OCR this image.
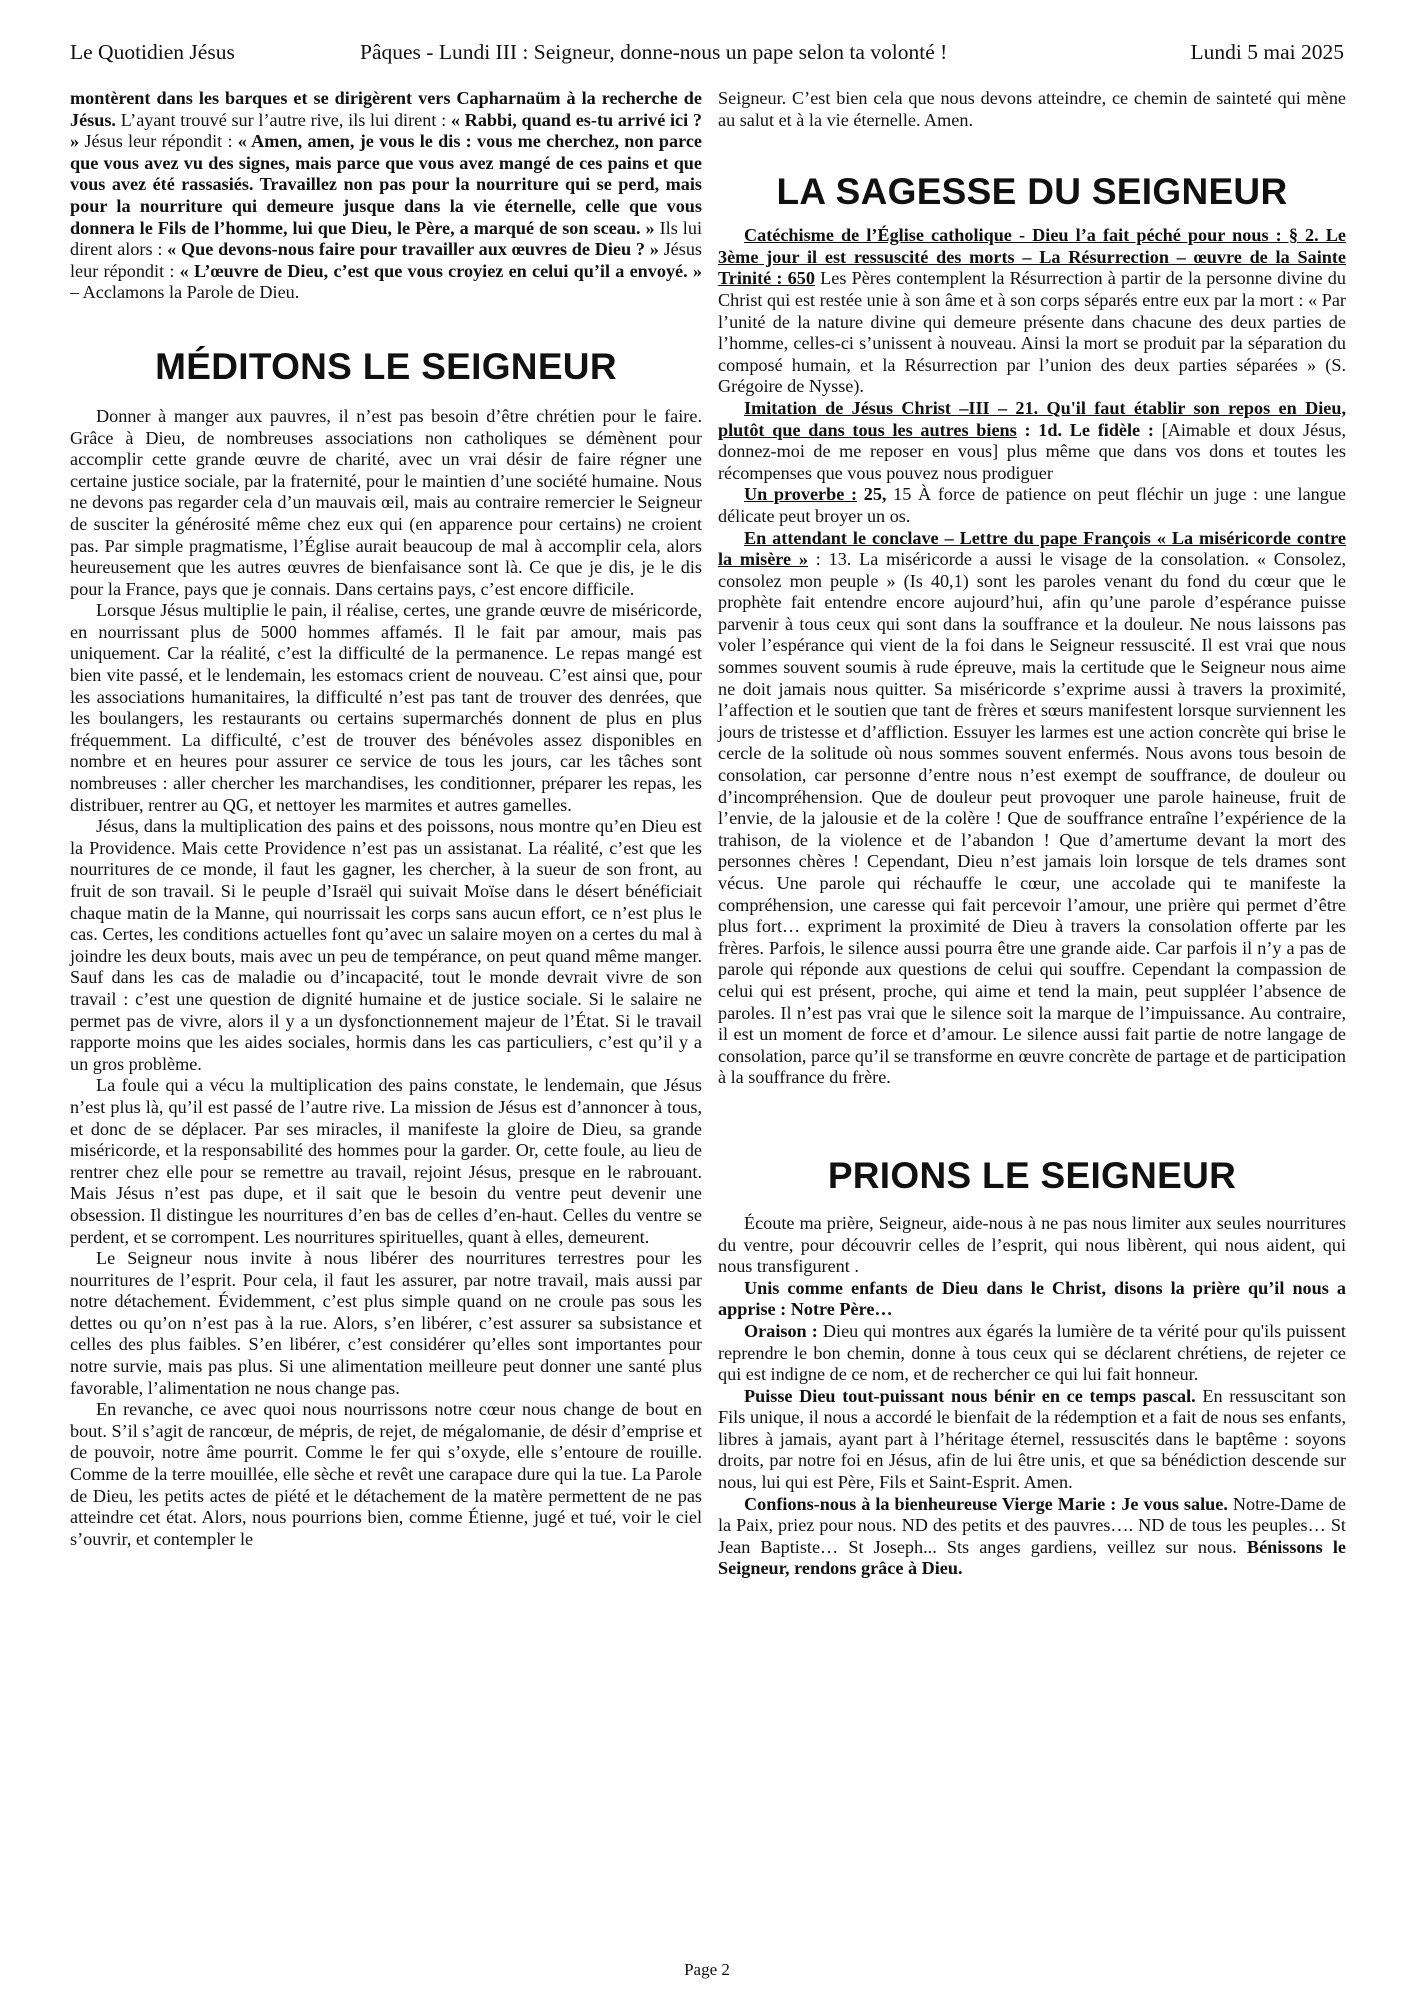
Le Quotidien Jésus	Pâques - Lundi III : Seigneur, donne-nous un pape selon ta volonté !	Lundi 5 mai 2025

montèrent dans les barques et se dirigèrent vers Capharnaüm à la recherche de Jésus. L’ayant trouvé sur l’autre rive, ils lui dirent : « Rabbi, quand es-tu arrivé ici ? » Jésus leur répondit : « Amen, amen, je vous le dis : vous me cherchez, non parce que vous avez vu des signes, mais parce que vous avez mangé de ces pains et que vous avez été rassasiés. Travaillez non pas pour la nourriture qui se perd, mais pour la nourriture qui demeure jusque dans la vie éternelle, celle que vous donnera le Fils de l’homme, lui que Dieu, le Père, a marqué de son sceau. » Ils lui dirent alors : « Que devons-nous faire pour travailler aux œuvres de Dieu ? » Jésus leur répondit : « L’œuvre de Dieu, c’est que vous croyiez en celui qu’il a envoyé. » – Acclamons la Parole de Dieu.

MÉDITONS LE SEIGNEUR

Donner à manger aux pauvres, il n’est pas besoin d’être chrétien pour le faire. Grâce à Dieu, de nombreuses associations non catholiques se démènent pour accomplir cette grande œuvre de charité, avec un vrai désir de faire régner une certaine justice sociale, par la fraternité, pour le maintien d’une société humaine. Nous ne devons pas regarder cela d’un mauvais œil, mais au contraire remercier le Seigneur de susciter la générosité même chez eux qui (en apparence pour certains) ne croient pas. Par simple pragmatisme, l’Église aurait beaucoup de mal à accomplir cela, alors heureusement que les autres œuvres de bienfaisance sont là. Ce que je dis, je le dis pour la France, pays que je connais. Dans certains pays, c’est encore difficile.

Lorsque Jésus multiplie le pain, il réalise, certes, une grande œuvre de miséricorde, en nourrissant plus de 5000 hommes affamés. Il le fait par amour, mais pas uniquement. Car la réalité, c’est la difficulté de la permanence. Le repas mangé est bien vite passé, et le lendemain, les estomacs crient de nouveau. C’est ainsi que, pour les associations humanitaires, la difficulté n’est pas tant de trouver des denrées, que les boulangers, les restaurants ou certains supermarchés donnent de plus en plus fréquemment. La difficulté, c’est de trouver des bénévoles assez disponibles en nombre et en heures pour assurer ce service de tous les jours, car les tâches sont nombreuses : aller chercher les marchandises, les conditionner, préparer les repas, les distribuer, rentrer au QG, et nettoyer les marmites et autres gamelles.

Jésus, dans la multiplication des pains et des poissons, nous montre qu’en Dieu est la Providence. Mais cette Providence n’est pas un assistanat. La réalité, c’est que les nourritures de ce monde, il faut les gagner, les chercher, à la sueur de son front, au fruit de son travail. Si le peuple d’Israël qui suivait Moïse dans le désert bénéficiait chaque matin de la Manne, qui nourrissait les corps sans aucun effort, ce n’est plus le cas. Certes, les conditions actuelles font qu’avec un salaire moyen on a certes du mal à joindre les deux bouts, mais avec un peu de tempérance, on peut quand même manger. Sauf dans les cas de maladie ou d’incapacité, tout le monde devrait vivre de son travail : c’est une question de dignité humaine et de justice sociale. Si le salaire ne permet pas de vivre, alors il y a un dysfonctionnement majeur de l’État. Si le travail rapporte moins que les aides sociales, hormis dans les cas particuliers, c’est qu’il y a un gros problème.

La foule qui a vécu la multiplication des pains constate, le lendemain, que Jésus n’est plus là, qu’il est passé de l’autre rive. La mission de Jésus est d’annoncer à tous, et donc de se déplacer. Par ses miracles, il manifeste la gloire de Dieu, sa grande miséricorde, et la responsabilité des hommes pour la garder. Or, cette foule, au lieu de rentrer chez elle pour se remettre au travail, rejoint Jésus, presque en le rabrouant. Mais Jésus n’est pas dupe, et il sait que le besoin du ventre peut devenir une obsession. Il distingue les nourritures d’en bas de celles d’en-haut. Celles du ventre se perdent, et se corrompent. Les nourritures spirituelles, quant à elles, demeurent.

Le Seigneur nous invite à nous libérer des nourritures terrestres pour les nourritures de l’esprit. Pour cela, il faut les assurer, par notre travail, mais aussi par notre détachement. Évidemment, c’est plus simple quand on ne croule pas sous les dettes ou qu’on n’est pas à la rue. Alors, s’en libérer, c’est assurer sa subsistance et celles des plus faibles. S’en libérer, c’est considérer qu’elles sont importantes pour notre survie, mais pas plus. Si une alimentation meilleure peut donner une santé plus favorable, l’alimentation ne nous change pas.

En revanche, ce avec quoi nous nourrissons notre cœur nous change de bout en bout. S’il s’agit de rancœur, de mépris, de rejet, de mégalomanie, de désir d’emprise et de pouvoir, notre âme pourrit. Comme le fer qui s’oxyde, elle s’entoure de rouille. Comme de la terre mouillée, elle sèche et revêt une carapace dure qui la tue. La Parole de Dieu, les petits actes de piété et le détachement de la matère permettent de ne pas atteindre cet état. Alors, nous pourrions bien, comme Étienne, jugé et tué, voir le ciel s’ouvrir, et contempler le

Seigneur. C’est bien cela que nous devons atteindre, ce chemin de sainteté qui mène au salut et à la vie éternelle. Amen.

LA SAGESSE DU SEIGNEUR

Catéchisme de l’Église catholique - Dieu l’a fait péché pour nous : § 2. Le 3ème jour il est ressuscité des morts – La Résurrection – œuvre de la Sainte Trinité : 650 Les Pères contemplent la Résurrection à partir de la personne divine du Christ qui est restée unie à son âme et à son corps séparés entre eux par la mort : « Par l’unité de la nature divine qui demeure présente dans chacune des deux parties de l’homme, celles-ci s’unissent à nouveau. Ainsi la mort se produit par la séparation du composé humain, et la Résurrection par l’union des deux parties séparées » (S. Grégoire de Nysse).

Imitation de Jésus Christ –III – 21. Qu'il faut établir son repos en Dieu, plutôt que dans tous les autres biens : 1d. Le fidèle : [Aimable et doux Jésus, donnez-moi de me reposer en vous] plus même que dans vos dons et toutes les récompenses que vous pouvez nous prodiguer

Un proverbe : 25, 15 À force de patience on peut fléchir un juge : une langue délicate peut broyer un os.

En attendant le conclave – Lettre du pape François « La miséricorde contre la misère » : 13. La miséricorde a aussi le visage de la consolation. « Consolez, consolez mon peuple » (Is 40,1) sont les paroles venant du fond du cœur que le prophète fait entendre encore aujourd’hui, afin qu’une parole d’espérance puisse parvenir à tous ceux qui sont dans la souffrance et la douleur. Ne nous laissons pas voler l’espérance qui vient de la foi dans le Seigneur ressuscité. Il est vrai que nous sommes souvent soumis à rude épreuve, mais la certitude que le Seigneur nous aime ne doit jamais nous quitter. Sa miséricorde s’exprime aussi à travers la proximité, l’affection et le soutien que tant de frères et sœurs manifestent lorsque surviennent les jours de tristesse et d’affliction. Essuyer les larmes est une action concrète qui brise le cercle de la solitude où nous sommes souvent enfermés. Nous avons tous besoin de consolation, car personne d’entre nous n’est exempt de souffrance, de douleur ou d’incompréhension. Que de douleur peut provoquer une parole haineuse, fruit de l’envie, de la jalousie et de la colère ! Que de souffrance entraîne l’expérience de la trahison, de la violence et de l’abandon ! Que d’amertume devant la mort des personnes chères ! Cependant, Dieu n’est jamais loin lorsque de tels drames sont vécus. Une parole qui réchauffe le cœur, une accolade qui te manifeste la compréhension, une caresse qui fait percevoir l’amour, une prière qui permet d’être plus fort… expriment la proximité de Dieu à travers la consolation offerte par les frères. Parfois, le silence aussi pourra être une grande aide. Car parfois il n’y a pas de parole qui réponde aux questions de celui qui souffre. Cependant la compassion de celui qui est présent, proche, qui aime et tend la main, peut suppléer l’absence de paroles. Il n’est pas vrai que le silence soit la marque de l’impuissance. Au contraire, il est un moment de force et d’amour. Le silence aussi fait partie de notre langage de consolation, parce qu’il se transforme en œuvre concrète de partage et de participation à la souffrance du frère.

PRIONS LE SEIGNEUR

Écoute ma prière, Seigneur, aide-nous à ne pas nous limiter aux seules nourritures du ventre, pour découvrir celles de l’esprit, qui nous libèrent, qui nous aident, qui nous transfigurent .

Unis comme enfants de Dieu dans le Christ, disons la prière qu’il nous a apprise : Notre Père…

Oraison : Dieu qui montres aux égarés la lumière de ta vérité pour qu'ils puissent reprendre le bon chemin, donne à tous ceux qui se déclarent chrétiens, de rejeter ce qui est indigne de ce nom, et de rechercher ce qui lui fait honneur.

Puisse Dieu tout-puissant nous bénir en ce temps pascal. En ressuscitant son Fils unique, il nous a accordé le bienfait de la rédemption et a fait de nous ses enfants, libres à jamais, ayant part à l’héritage éternel, ressuscités dans le baptême : soyons droits, par notre foi en Jésus, afin de lui être unis, et que sa bénédiction descende sur nous, lui qui est Père, Fils et Saint-Esprit. Amen.

Confions-nous à la bienheureuse Vierge Marie : Je vous salue. Notre-Dame de la Paix, priez pour nous. ND des petits et des pauvres…. ND de tous les peuples… St Jean Baptiste… St Joseph... Sts anges gardiens, veillez sur nous. Bénissons le Seigneur, rendons grâce à Dieu.

Page 2
